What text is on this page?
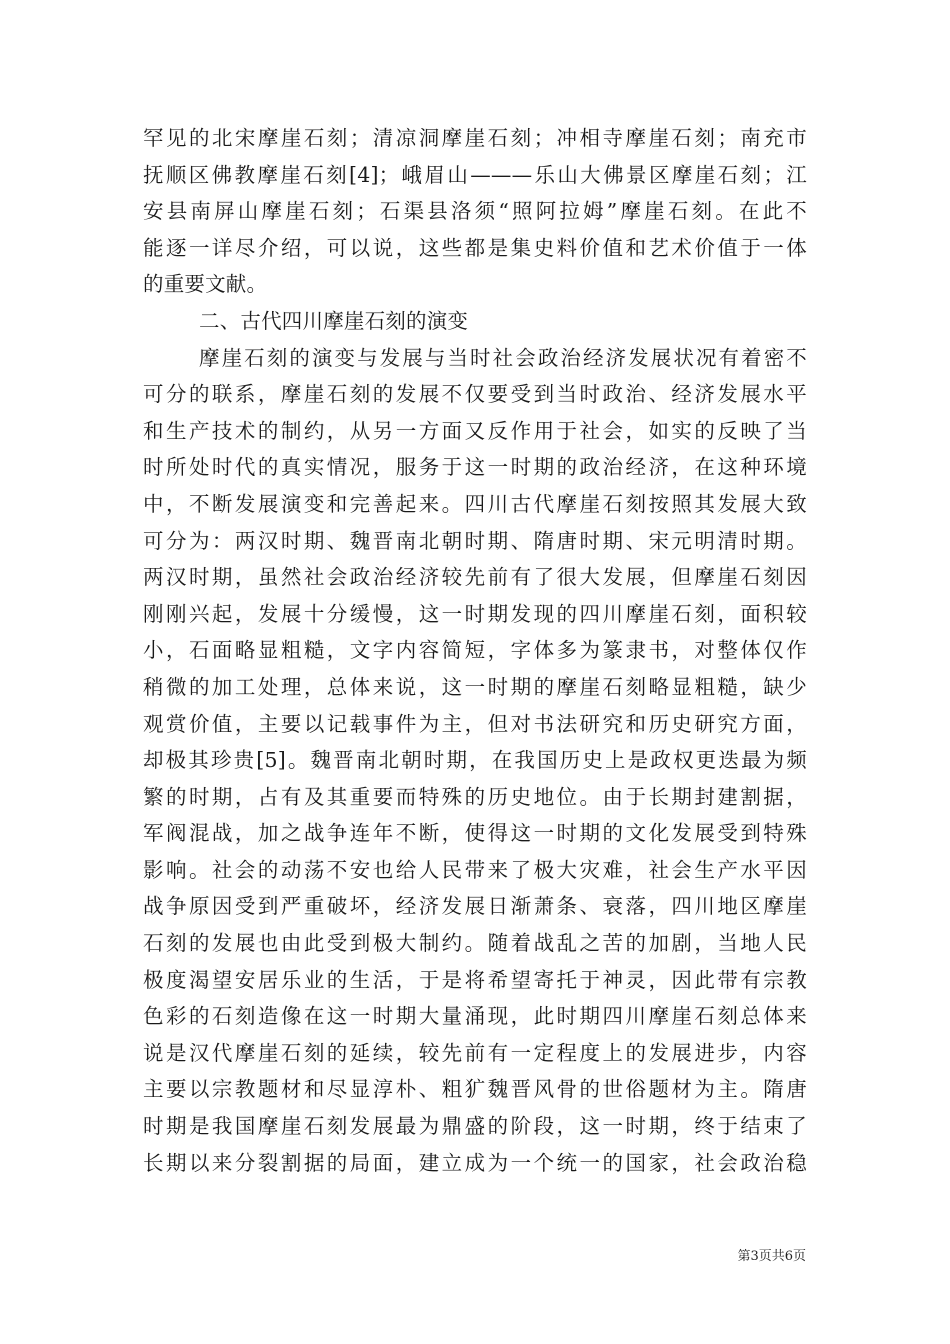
罕见的北宋摩崖石刻；清凉洞摩崖石刻；冲相寺摩崖石刻；南充市
抚顺区佛教摩崖石刻[4]；峨眉山———乐山大佛景区摩崖石刻；江
安县南屏山摩崖石刻；石渠县洛须“照阿拉姆”摩崖石刻。在此不
能逐一详尽介绍，可以说，这些都是集史料价值和艺术价值于一体
的重要文献。
二、古代四川摩崖石刻的演变
摩崖石刻的演变与发展与当时社会政治经济发展状况有着密不
可分的联系，摩崖石刻的发展不仅要受到当时政治、经济发展水平
和生产技术的制约，从另一方面又反作用于社会，如实的反映了当
时所处时代的真实情况，服务于这一时期的政治经济，在这种环境
中，不断发展演变和完善起来。四川古代摩崖石刻按照其发展大致
可分为：两汉时期、魏晋南北朝时期、隋唐时期、宋元明清时期。
两汉时期，虽然社会政治经济较先前有了很大发展，但摩崖石刻因
刚刚兴起，发展十分缓慢，这一时期发现的四川摩崖石刻，面积较
小，石面略显粗糙，文字内容简短，字体多为篆隶书，对整体仅作
稍微的加工处理，总体来说，这一时期的摩崖石刻略显粗糙，缺少
观赏价值，主要以记载事件为主，但对书法研究和历史研究方面，
却极其珍贵[5]。魏晋南北朝时期，在我国历史上是政权更迭最为频
繁的时期，占有及其重要而特殊的历史地位。由于长期封建割据，
军阀混战，加之战争连年不断，使得这一时期的文化发展受到特殊
影响。社会的动荡不安也给人民带来了极大灾难，社会生产水平因
战争原因受到严重破坏，经济发展日渐萧条、衰落，四川地区摩崖
石刻的发展也由此受到极大制约。随着战乱之苦的加剧，当地人民
极度渴望安居乐业的生活，于是将希望寄托于神灵，因此带有宗教
色彩的石刻造像在这一时期大量涌现，此时期四川摩崖石刻总体来
说是汉代摩崖石刻的延续，较先前有一定程度上的发展进步，内容
主要以宗教题材和尽显淳朴、粗犷魏晋风骨的世俗题材为主。隋唐
时期是我国摩崖石刻发展最为鼎盛的阶段，这一时期，终于结束了
长期以来分裂割据的局面，建立成为一个统一的国家，社会政治稳
第3页共6页
